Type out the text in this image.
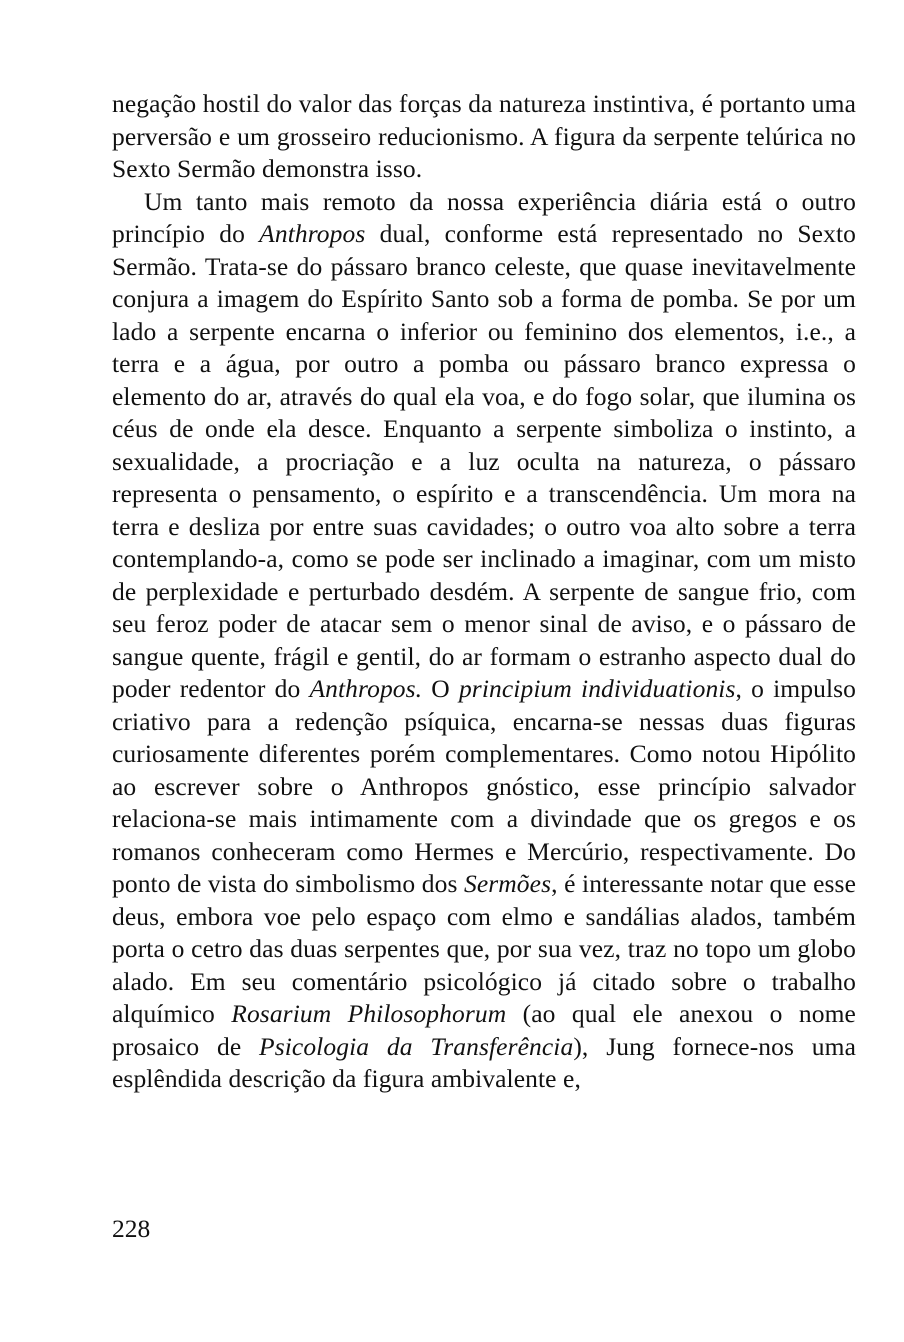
negação hostil do valor das forças da natureza instintiva, é portanto uma perversão e um grosseiro reducionismo. A figura da serpente telúrica no Sexto Sermão demonstra isso.

Um tanto mais remoto da nossa experiência diária está o outro princípio do Anthropos dual, conforme está representado no Sexto Sermão. Trata-se do pássaro branco celeste, que quase inevitavelmente conjura a imagem do Espírito Santo sob a forma de pomba. Se por um lado a serpente encarna o inferior ou feminino dos elementos, i.e., a terra e a água, por outro a pomba ou pássaro branco expressa o elemento do ar, através do qual ela voa, e do fogo solar, que ilumina os céus de onde ela desce. Enquanto a serpente simboliza o instinto, a sexualidade, a procriação e a luz oculta na natureza, o pássaro representa o pensamento, o espírito e a transcendência. Um mora na terra e desliza por entre suas cavidades; o outro voa alto sobre a terra contemplando-a, como se pode ser inclinado a imaginar, com um misto de perplexidade e perturbado desdém. A serpente de sangue frio, com seu feroz poder de atacar sem o menor sinal de aviso, e o pássaro de sangue quente, frágil e gentil, do ar formam o estranho aspecto dual do poder redentor do Anthropos. O principium individuationis, o impulso criativo para a redenção psíquica, encarna-se nessas duas figuras curiosamente diferentes porém complementares. Como notou Hipólito ao escrever sobre o Anthropos gnóstico, esse princípio salvador relaciona-se mais intimamente com a divindade que os gregos e os romanos conheceram como Hermes e Mercúrio, respectivamente. Do ponto de vista do simbolismo dos Sermões, é interessante notar que esse deus, embora voe pelo espaço com elmo e sandálias alados, também porta o cetro das duas serpentes que, por sua vez, traz no topo um globo alado. Em seu comentário psicológico já citado sobre o trabalho alquímico Rosarium Philosophorum (ao qual ele anexou o nome prosaico de Psicologia da Transferência), Jung fornece-nos uma esplêndida descrição da figura ambivalente e,

228
